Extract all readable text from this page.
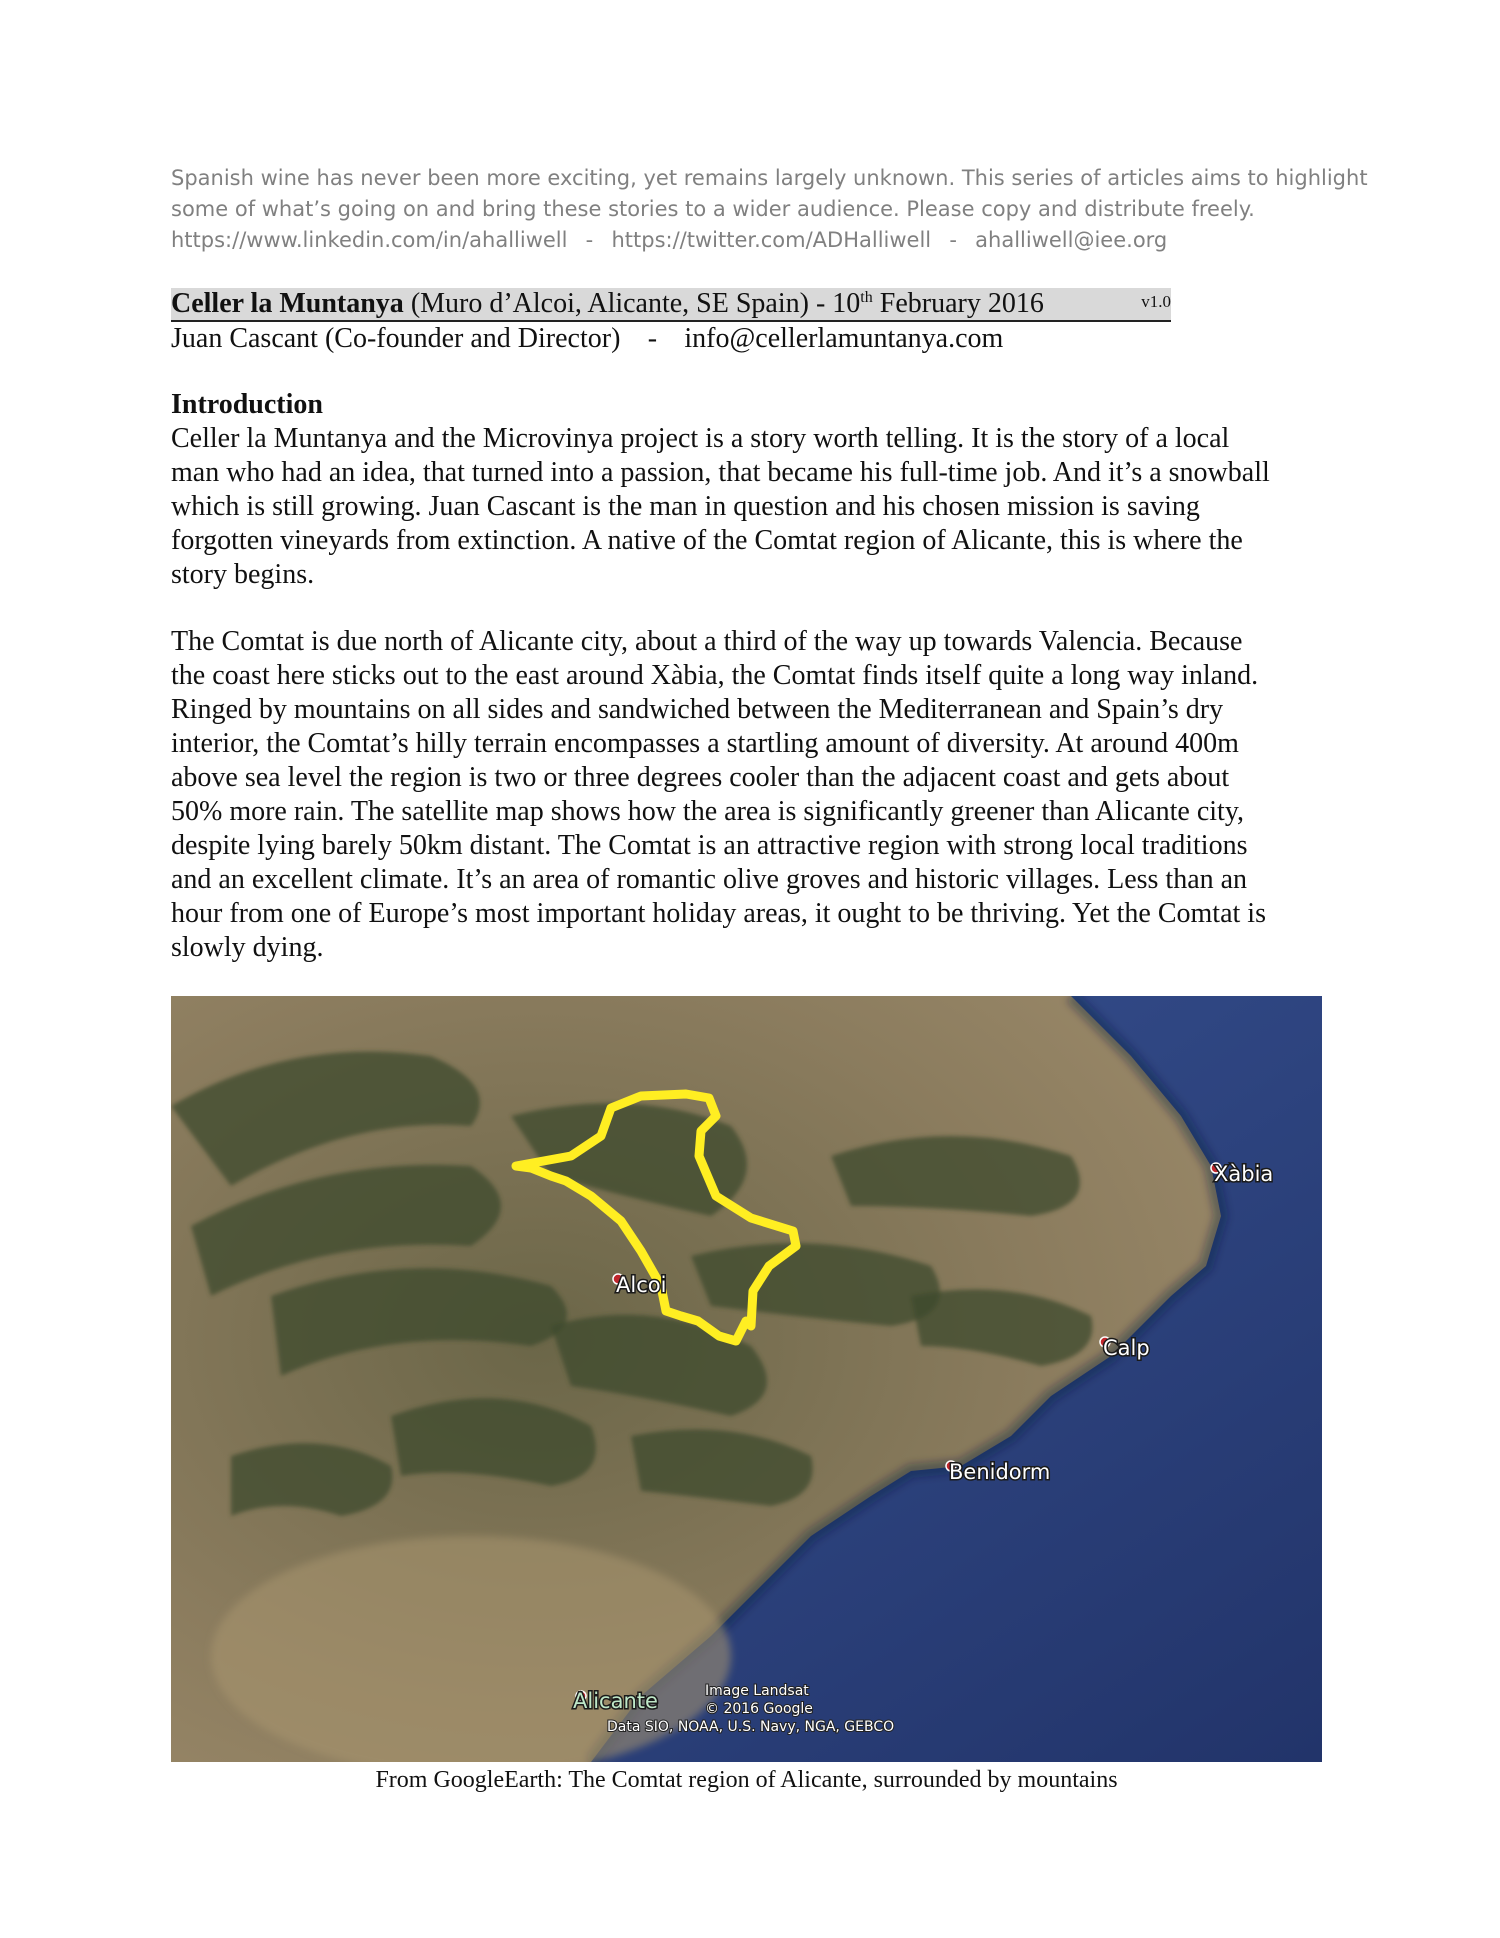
Spanish wine has never been more exciting, yet remains largely unknown. This series of articles aims to highlight
some of what’s going on and bring these stories to a wider audience. Please copy and distribute freely.
https://www.linkedin.com/in/ahalliwell - https://twitter.com/ADHalliwell - ahalliwell@iee.org
Celler la Muntanya (Muro d’Alcoi, Alicante, SE Spain) - 10th February 2016	v1.0
Juan Cascant (Co-founder and Director) - info@cellerlamuntanya.com
Introduction
Celler la Muntanya and the Microvinya project is a story worth telling. It is the story of a local
man who had an idea, that turned into a passion, that became his full-time job. And it’s a snowball
which is still growing. Juan Cascant is the man in question and his chosen mission is saving
forgotten vineyards from extinction. A native of the Comtat region of Alicante, this is where the
story begins.
The Comtat is due north of Alicante city, about a third of the way up towards Valencia. Because
the coast here sticks out to the east around Xàbia, the Comtat finds itself quite a long way inland.
Ringed by mountains on all sides and sandwiched between the Mediterranean and Spain’s dry
interior, the Comtat’s hilly terrain encompasses a startling amount of diversity. At around 400m
above sea level the region is two or three degrees cooler than the adjacent coast and gets about
50% more rain. The satellite map shows how the area is significantly greener than Alicante city,
despite lying barely 50km distant. The Comtat is an attractive region with strong local traditions
and an excellent climate. It’s an area of romantic olive groves and historic villages. Less than an
hour from one of Europe’s most important holiday areas, it ought to be thriving. Yet the Comtat is
slowly dying.
Xàbia
Alcoi
Calp
Benidorm
Alicante	Image Landsat
© 2016 Google
Data SIO, NOAA, U.S. Navy, NGA, GEBCO
From GoogleEarth: The Comtat region of Alicante, surrounded by mountains
